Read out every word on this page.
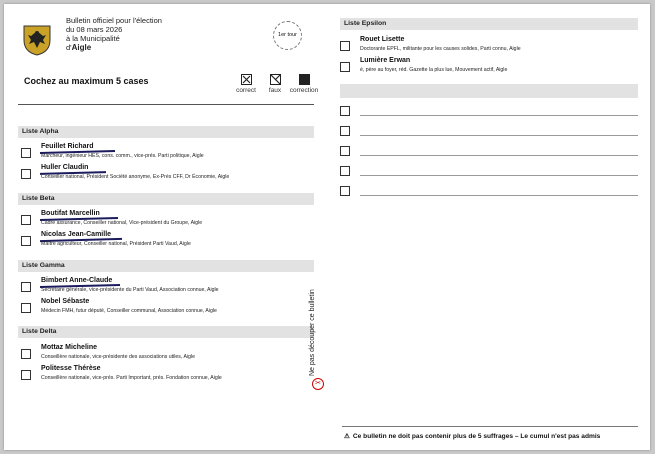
Bulletin officiel pour l'élection
du 08 mars 2026
à la Municipalité
d'Aigle
1er tour
Cochez au maximum 5 cases
correct	faux	correction
Liste Alpha
Feuillet Richard
Marcheur, ingénieur HES, cons. comm., vice-prés. Parti politique, Aigle
Huller Claudin
Conseiller national, Président Société anonyme, Ex-Prés CFF, Dr Économie, Aigle
Liste Beta
Boutifat Marcellin
Cadre assurance, Conseiller national, Vice-président du Groupe, Aigle
Nicolas Jean-Camille
Maître agriculteur, Conseiller national, Président Parti Vaud, Aigle
Liste Gamma
Bimbert Anne-Claude
Secrétaire générale, vice-présidente du Parti Vaud, Association connue, Aigle
Nobel Sébaste
Médecin FMH, futur député, Conseiller communal, Association connue, Aigle
Liste Delta
Mottaz Micheline
Conseillère nationale, vice-présidente des associations utiles, Aigle
Politesse Thérèse
Conseillère nationale, vice-prés. Parti Important, prés. Fondation connue, Aigle
Ne pas découper ce bulletin
✂
Liste Epsilon
Rouet Lisette
Doctorante EPFL, militante pour les causes solides, Parti connu, Aigle
Lumière Erwan
é, père au foyer, réd. Gazette la plus lue, Mouvement actif, Aigle
⚠ Ce bulletin ne doit pas contenir plus de 5 suffrages – Le cumul n'est pas admis
